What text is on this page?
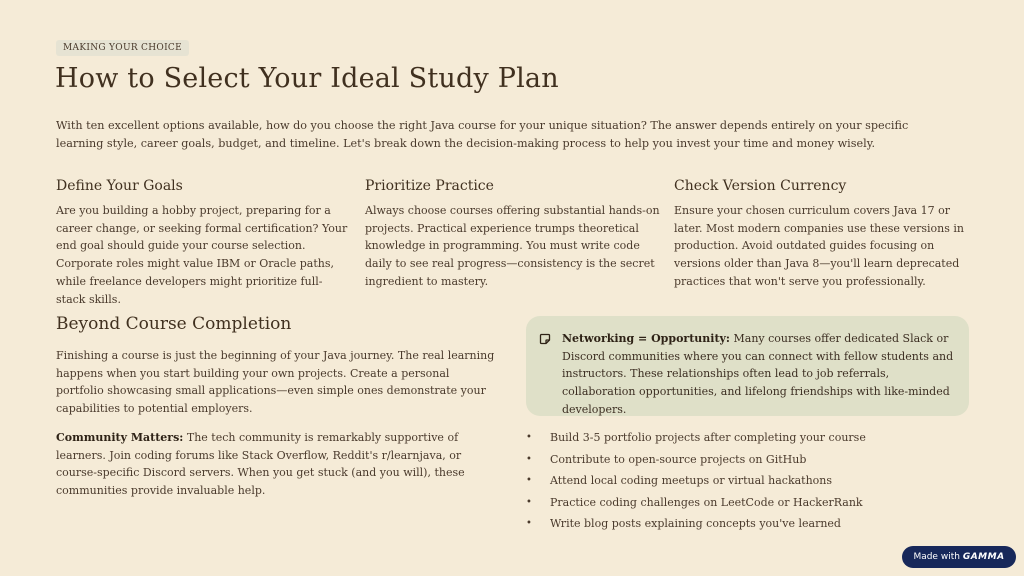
MAKING YOUR CHOICE
How to Select Your Ideal Study Plan

With ten excellent options available, how do you choose the right Java course for your unique situation? The answer depends entirely on your specific learning style, career goals, budget, and timeline. Let's break down the decision-making process to help you invest your time and money wisely.

Define Your Goals

Are you building a hobby project, preparing for a career change, or seeking formal certification? Your end goal should guide your course selection. Corporate roles might value IBM or Oracle paths, while freelance developers might prioritize full-stack skills.

Prioritize Practice

Always choose courses offering substantial hands-on projects. Practical experience trumps theoretical knowledge in programming. You must write code daily to see real progress—consistency is the secret ingredient to mastery.

Check Version Currency

Ensure your chosen curriculum covers Java 17 or later. Most modern companies use these versions in production. Avoid outdated guides focusing on versions older than Java 8—you'll learn deprecated practices that won't serve you professionally.

Beyond Course Completion

Finishing a course is just the beginning of your Java journey. The real learning happens when you start building your own projects. Create a personal portfolio showcasing small applications—even simple ones demonstrate your capabilities to potential employers.

Community Matters: The tech community is remarkably supportive of learners. Join coding forums like Stack Overflow, Reddit's r/learnjava, or course-specific Discord servers. When you get stuck (and you will), these communities provide invaluable help.

Networking = Opportunity: Many courses offer dedicated Slack or Discord communities where you can connect with fellow students and instructors. These relationships often lead to job referrals, collaboration opportunities, and lifelong friendships with like-minded developers.

• Build 3-5 portfolio projects after completing your course
• Contribute to open-source projects on GitHub
• Attend local coding meetups or virtual hackathons
• Practice coding challenges on LeetCode or HackerRank
• Write blog posts explaining concepts you've learned
Made with GAMMA
